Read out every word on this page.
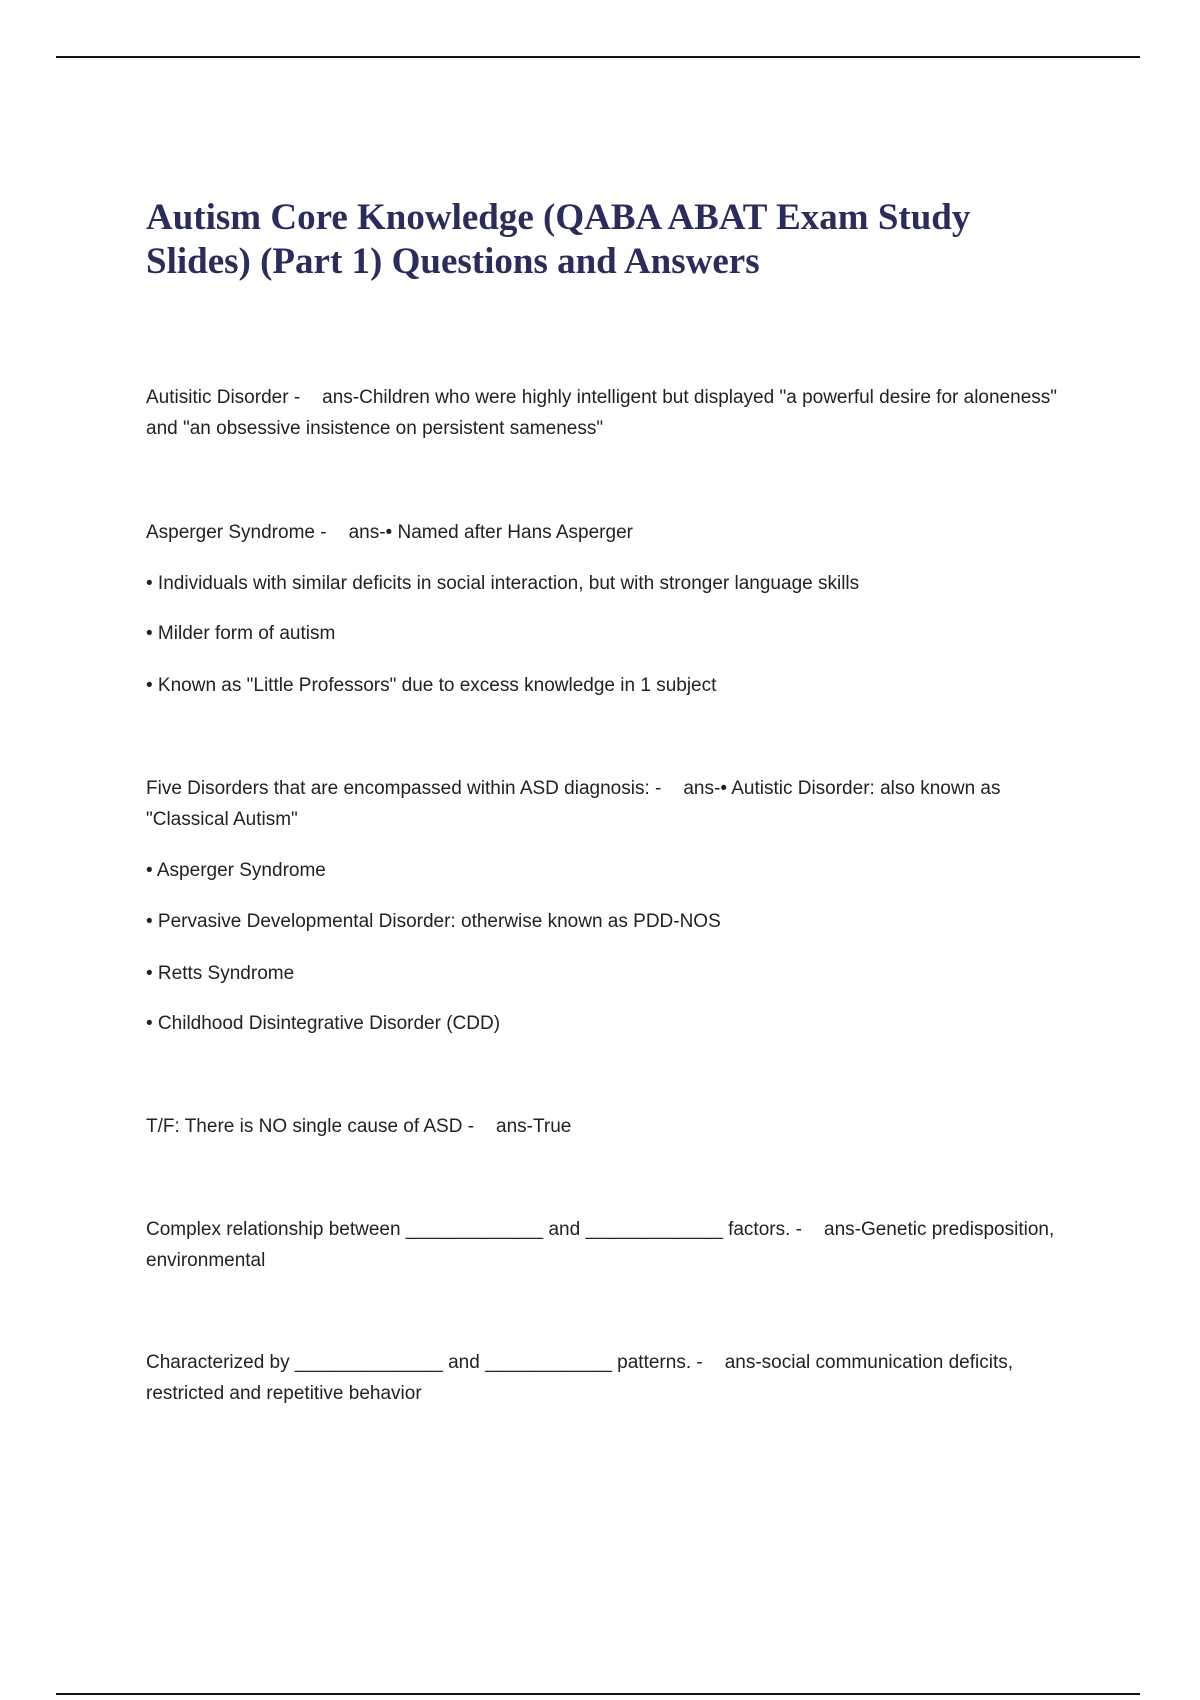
Autism Core Knowledge (QABA ABAT Exam Study Slides) (Part 1) Questions and Answers

Autisitic Disorder - ans-Children who were highly intelligent but displayed "a powerful desire for aloneness" and "an obsessive insistence on persistent sameness"

Asperger Syndrome - ans-• Named after Hans Asperger

• Individuals with similar deficits in social interaction, but with stronger language skills

• Milder form of autism

• Known as "Little Professors" due to excess knowledge in 1 subject

Five Disorders that are encompassed within ASD diagnosis: - ans-• Autistic Disorder: also known as "Classical Autism"

• Asperger Syndrome

• Pervasive Developmental Disorder: otherwise known as PDD-NOS

• Retts Syndrome

• Childhood Disintegrative Disorder (CDD)

T/F: There is NO single cause of ASD - ans-True

Complex relationship between _____________ and _____________ factors. - ans-Genetic predisposition, environmental

Characterized by ______________ and ____________ patterns. - ans-social communication deficits, restricted and repetitive behavior
